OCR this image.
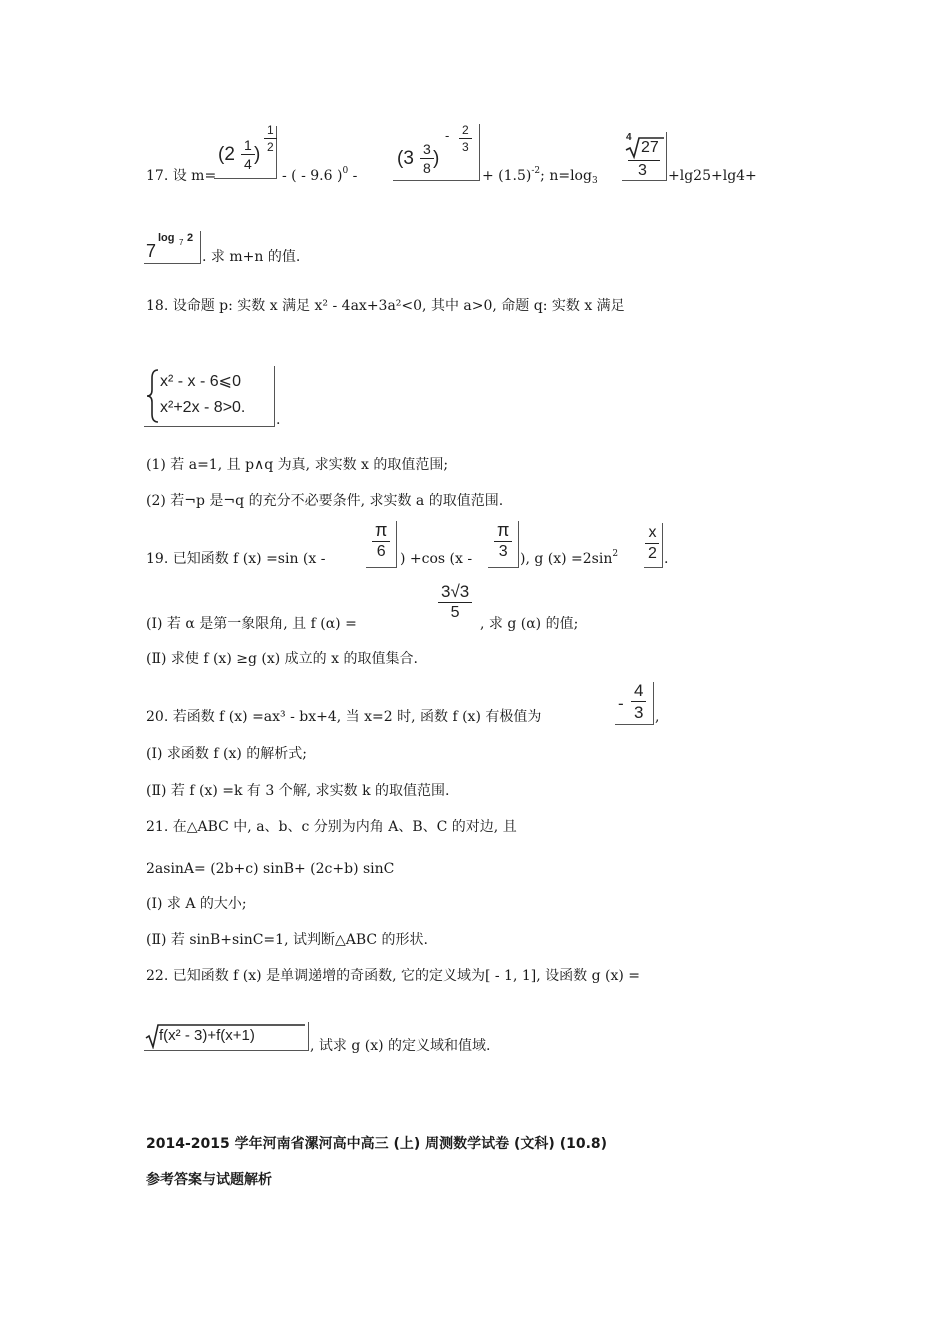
17. 设 m=
($2 \frac{1}{4}$ )
$\frac{1}{2}$
- ( - 9.6 )$^0$ -
($3 \frac{3}{8}$ )
- $\frac{2}{3}$
+ $(1.5)^{-2}$; $n=\log_3$
4
27
3 +lg25+lg4+
7
log 7 2
. 求 m+n 的值.
18. 设命题 p: 实数 x 满足 x² - 4ax+3a²<0, 其中 a>0, 命题 q: 实数 x 满足
x² - x - 6⩽0
x²+2x - 8>0.
.
(1) 若 a=1, 且 p∧q 为真, 求实数 x 的取值范围;
(2) 若¬p 是¬q 的充分不必要条件, 求实数 a 的取值范围.
19. 已知函数 f (x) =sin (x -	$\frac{\pi}{6}$ ) +cos ($x - \frac{\pi}{3}$ ), g $(x) =2\sin^2 \frac{x}{2}$ .
(Ⅰ) 若 α 是第一象限角, 且 f (α) =
$\frac{3√3}{5}$
, 求 g (α) 的值;
(Ⅱ) 求使 f (x) ≥g (x) 成立的 x 的取值集合.
20. 若函数 f (x) =ax³ - bx+4, 当 x=2 时, 函数 f (x) 有极值为
- $\frac{4}{3}$ ,
(Ⅰ) 求函数 f (x) 的解析式;
(Ⅱ) 若 f (x) =k 有 3 个解, 求实数 k 的取值范围.
21. 在△ABC 中, a、b、c 分别为内角 A、B、C 的对边, 且
2asinA= (2b+c) sinB+ (2c+b) sinC
(Ⅰ) 求 A 的大小;
(Ⅱ) 若 sinB+sinC=1, 试判断△ABC 的形状.
22. 已知函数 f (x) 是单调递增的奇函数, 它的定义域为[ - 1, 1], 设函数 g (x) =
f(x² - 3)+f(x+1)
, 试求 g (x) 的定义域和值域.
2014-2015 学年河南省漯河高中高三 (上) 周测数学试卷 (文科) (10.8)
参考答案与试题解析
